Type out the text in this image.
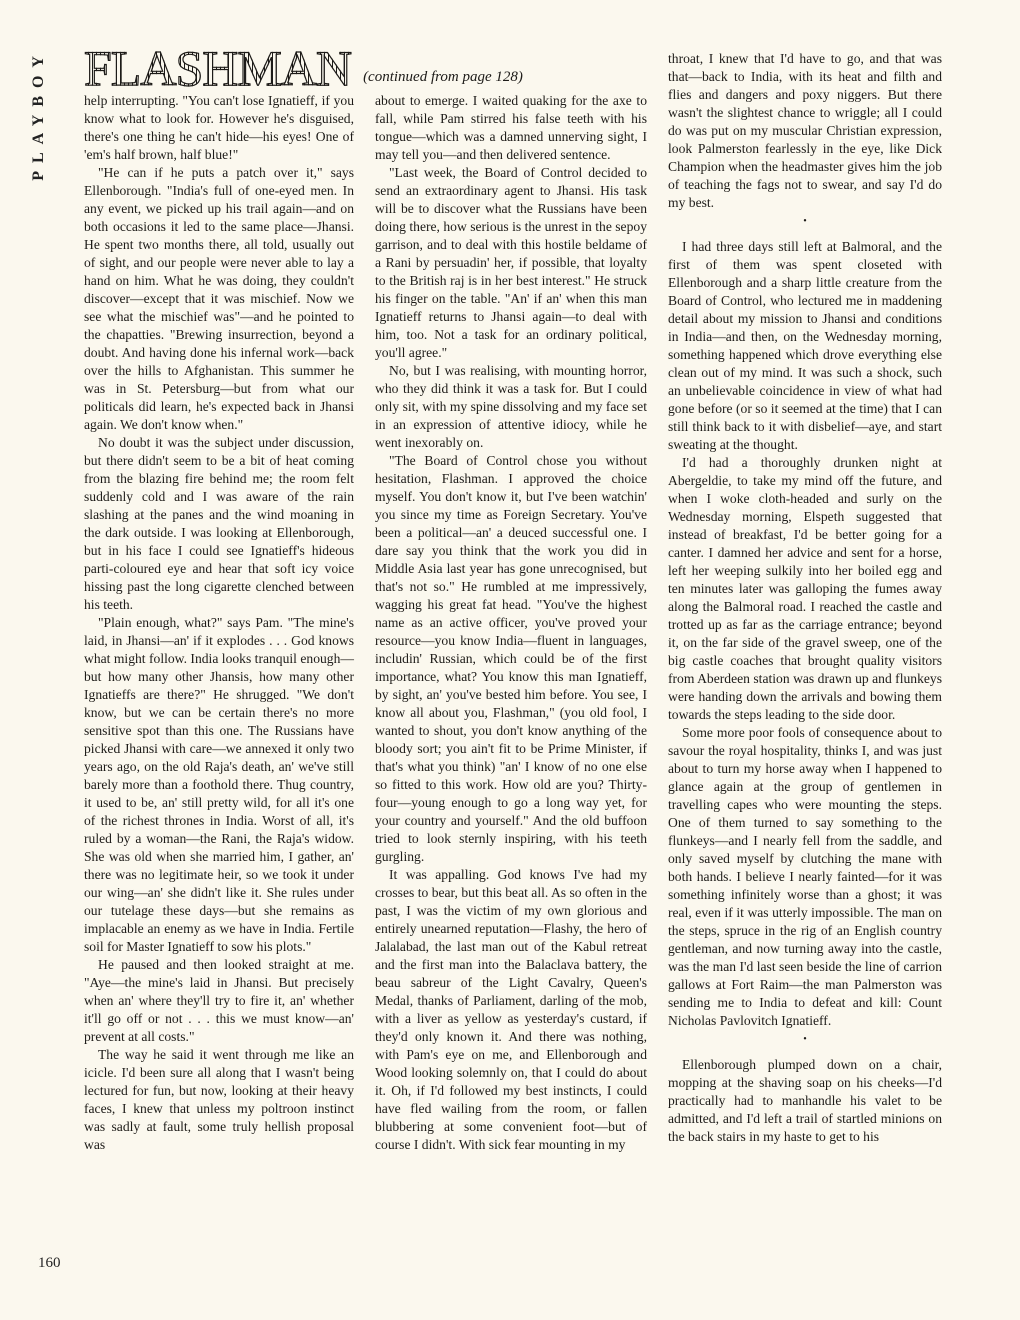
PLAYBOY FLASHMAN (continued from page 128)

help interrupting. "You can't lose Ignatieff, if you know what to look for. However he's disguised, there's one thing he can't hide—his eyes! One of 'em's half brown, half blue!"

"He can if he puts a patch over it," says Ellenborough. "India's full of one-eyed men. In any event, we picked up his trail again—and on both occasions it led to the same place—Jhansi. He spent two months there, all told, usually out of sight, and our people were never able to lay a hand on him. What he was doing, they couldn't discover—except that it was mischief. Now we see what the mischief was"—and he pointed to the chapatties. "Brewing insurrection, beyond a doubt. And having done his infernal work—back over the hills to Afghanistan. This summer he was in St. Petersburg—but from what our politicals did learn, he's expected back in Jhansi again. We don't know when."

No doubt it was the subject under discussion, but there didn't seem to be a bit of heat coming from the blazing fire behind me; the room felt suddenly cold and I was aware of the rain slashing at the panes and the wind moaning in the dark outside. I was looking at Ellenborough, but in his face I could see Ignatieff's hideous parti-coloured eye and hear that soft icy voice hissing past the long cigarette clenched between his teeth.

"Plain enough, what?" says Pam. "The mine's laid, in Jhansi—an' if it explodes . . . God knows what might follow. India looks tranquil enough—but how many other Jhansis, how many other Ignatieffs are there?" He shrugged. "We don't know, but we can be certain there's no more sensitive spot than this one. The Russians have picked Jhansi with care—we annexed it only two years ago, on the old Raja's death, an' we've still barely more than a foothold there. Thug country, it used to be, an' still pretty wild, for all it's one of the richest thrones in India. Worst of all, it's ruled by a woman—the Rani, the Raja's widow. She was old when she married him, I gather, an' there was no legitimate heir, so we took it under our wing—an' she didn't like it. She rules under our tutelage these days—but she remains as implacable an enemy as we have in India. Fertile soil for Master Ignatieff to sow his plots."

He paused and then looked straight at me. "Aye—the mine's laid in Jhansi. But precisely when an' where they'll try to fire it, an' whether it'll go off or not . . . this we must know—an' prevent at all costs."

The way he said it went through me like an icicle. I'd been sure all along that I wasn't being lectured for fun, but now, looking at their heavy faces, I knew that unless my poltroon instinct was sadly at fault, some truly hellish proposal was

about to emerge. I waited quaking for the axe to fall, while Pam stirred his false teeth with his tongue—which was a damned unnerving sight, I may tell you—and then delivered sentence.

"Last week, the Board of Control decided to send an extraordinary agent to Jhansi. His task will be to discover what the Russians have been doing there, how serious is the unrest in the sepoy garrison, and to deal with this hostile beldame of a Rani by persuadin' her, if possible, that loyalty to the British raj is in her best interest." He struck his finger on the table. "An' if an' when this man Ignatieff returns to Jhansi again—to deal with him, too. Not a task for an ordinary political, you'll agree."

No, but I was realising, with mounting horror, who they did think it was a task for. But I could only sit, with my spine dissolving and my face set in an expression of attentive idiocy, while he went inexorably on.

"The Board of Control chose you without hesitation, Flashman. I approved the choice myself. You don't know it, but I've been watchin' you since my time as Foreign Secretary. You've been a political—an' a deuced successful one. I dare say you think that the work you did in Middle Asia last year has gone unrecognised, but that's not so." He rumbled at me impressively, wagging his great fat head. "You've the highest name as an active officer, you've proved your resource—you know India—fluent in languages, includin' Russian, which could be of the first importance, what? You know this man Ignatieff, by sight, an' you've bested him before. You see, I know all about you, Flashman," (you old fool, I wanted to shout, you don't know anything of the bloody sort; you ain't fit to be Prime Minister, if that's what you think) "an' I know of no one else so fitted to this work. How old are you? Thirty-four—young enough to go a long way yet, for your country and yourself." And the old buffoon tried to look sternly inspiring, with his teeth gurgling.

It was appalling. God knows I've had my crosses to bear, but this beat all. As so often in the past, I was the victim of my own glorious and entirely unearned reputation—Flashy, the hero of Jalalabad, the last man out of the Kabul retreat and the first man into the Balaclava battery, the beau sabreur of the Light Cavalry, Queen's Medal, thanks of Parliament, darling of the mob, with a liver as yellow as yesterday's custard, if they'd only known it. And there was nothing, with Pam's eye on me, and Ellenborough and Wood looking solemnly on, that I could do about it. Oh, if I'd followed my best instincts, I could have fled wailing from the room, or fallen blubbering at some convenient foot—but of course I didn't. With sick fear mounting in my

throat, I knew that I'd have to go, and that was that—back to India, with its heat and filth and flies and dangers and poxy niggers. But there wasn't the slightest chance to wriggle; all I could do was put on my muscular Christian expression, look Palmerston fearlessly in the eye, like Dick Champion when the headmaster gives him the job of teaching the fags not to swear, and say I'd do my best.

•

I had three days still left at Balmoral, and the first of them was spent closeted with Ellenborough and a sharp little creature from the Board of Control, who lectured me in maddening detail about my mission to Jhansi and conditions in India—and then, on the Wednesday morning, something happened which drove everything else clean out of my mind. It was such a shock, such an unbelievable coincidence in view of what had gone before (or so it seemed at the time) that I can still think back to it with disbelief—aye, and start sweating at the thought.

I'd had a thoroughly drunken night at Abergeldie, to take my mind off the future, and when I woke cloth-headed and surly on the Wednesday morning, Elspeth suggested that instead of breakfast, I'd be better going for a canter. I damned her advice and sent for a horse, left her weeping sulkily into her boiled egg and ten minutes later was galloping the fumes away along the Balmoral road. I reached the castle and trotted up as far as the carriage entrance; beyond it, on the far side of the gravel sweep, one of the big castle coaches that brought quality visitors from Aberdeen station was drawn up and flunkeys were handing down the arrivals and bowing them towards the steps leading to the side door.

Some more poor fools of consequence about to savour the royal hospitality, thinks I, and was just about to turn my horse away when I happened to glance again at the group of gentlemen in travelling capes who were mounting the steps. One of them turned to say something to the flunkeys—and I nearly fell from the saddle, and only saved myself by clutching the mane with both hands. I believe I nearly fainted—for it was something infinitely worse than a ghost; it was real, even if it was utterly impossible. The man on the steps, spruce in the rig of an English country gentleman, and now turning away into the castle, was the man I'd last seen beside the line of carrion gallows at Fort Raim—the man Palmerston was sending me to India to defeat and kill: Count Nicholas Pavlovitch Ignatieff.

•

Ellenborough plumped down on a chair, mopping at the shaving soap on his cheeks—I'd practically had to manhandle his valet to be admitted, and I'd left a trail of startled minions on the back stairs in my haste to get to his

160
